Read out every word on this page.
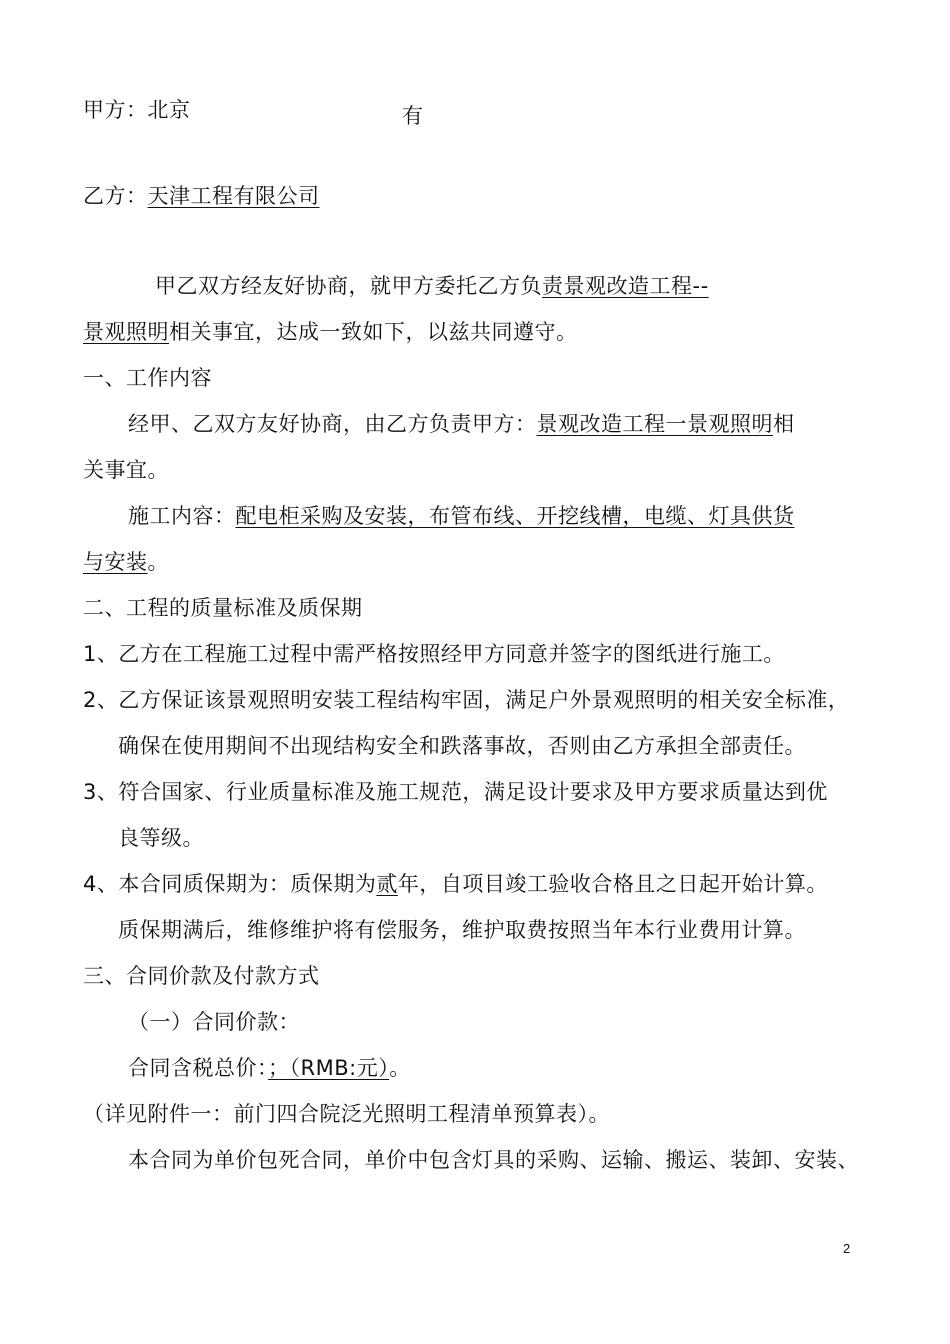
甲方：北京	有
乙方：天津工程有限公司
甲乙双方经友好协商，就甲方委托乙方负责景观改造工程--
景观照明相关事宜，达成一致如下，以兹共同遵守。
一、工作内容
经甲、乙双方友好协商，由乙方负责甲方：景观改造工程一景观照明相
关事宜。
施工内容：配电柜采购及安装，布管布线、开挖线槽，电缆、灯具供货
与安装。
二、工程的质量标准及质保期
1、乙方在工程施工过程中需严格按照经甲方同意并签字的图纸进行施工。
2、乙方保证该景观照明安装工程结构牢固，满足户外景观照明的相关安全标准，
确保在使用期间不出现结构安全和跌落事故，否则由乙方承担全部责任。
3、符合国家、行业质量标准及施工规范，满足设计要求及甲方要求质量达到优
良等级。
4、本合同质保期为：质保期为贰年，自项目竣工验收合格且之日起开始计算。
质保期满后，维修维护将有偿服务，维护取费按照当年本行业费用计算。
三、合同价款及付款方式
（一）合同价款：
合同含税总价：；（RMB:元）。
（详见附件一：前门四合院泛光照明工程清单预算表）。
本合同为单价包死合同，单价中包含灯具的采购、运输、搬运、装卸、安装、
2
